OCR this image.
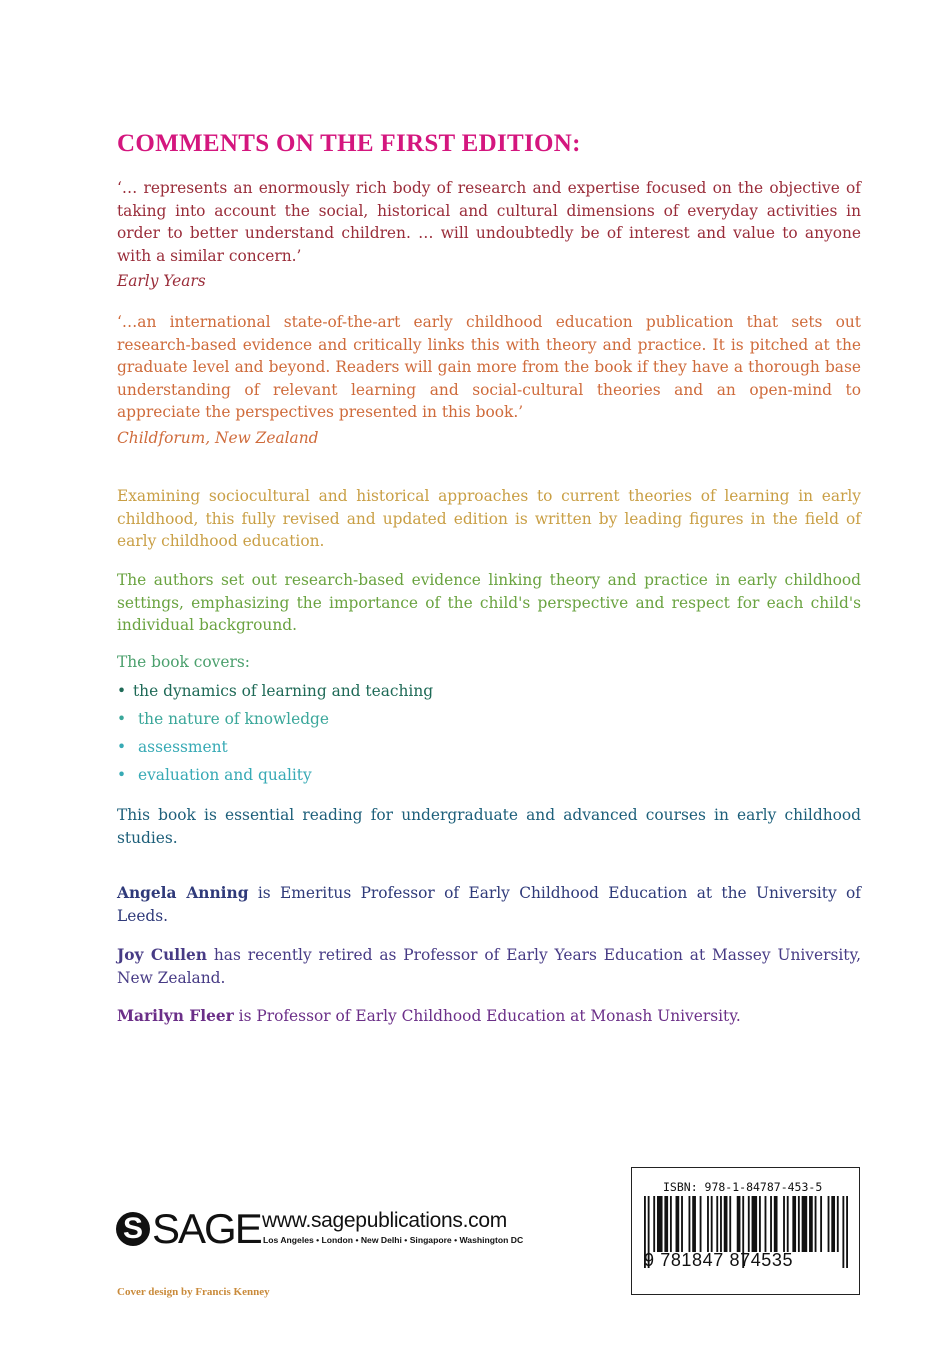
COMMENTS ON THE FIRST EDITION:

‘… represents an enormously rich body of research and expertise focused on the objective of taking into account the social, historical and cultural dimensions of everyday activities in order to better understand children. … will undoubtedly be of interest and value to anyone with a similar concern.’

Early Years

‘…an international state-of-the-art early childhood education publication that sets out research-based evidence and critically links this with theory and practice. It is pitched at the graduate level and beyond. Readers will gain more from the book if they have a thorough base understanding of relevant learning and social-cultural theories and an open-mind to appreciate the perspectives presented in this book.’

Childforum, New Zealand

Examining sociocultural and historical approaches to current theories of learning in early childhood, this fully revised and updated edition is written by leading figures in the field of early childhood education.

The authors set out research-based evidence linking theory and practice in early childhood settings, emphasizing the importance of the child's perspective and respect for each child's individual background.

The book covers:
• the dynamics of learning and teaching
• the nature of knowledge
• assessment
• evaluation and quality

This book is essential reading for undergraduate and advanced courses in early childhood studies.

Angela Anning is Emeritus Professor of Early Childhood Education at the University of Leeds.

Joy Cullen has recently retired as Professor of Early Years Education at Massey University, New Zealand.

Marilyn Fleer is Professor of Early Childhood Education at Monash University.

S SAGE www.sagepublications.com
Los Angeles • London • New Delhi • Singapore • Washington DC
Cover design by Francis Kenney
ISBN: 978-1-84787-453-5
9 781847 874535
